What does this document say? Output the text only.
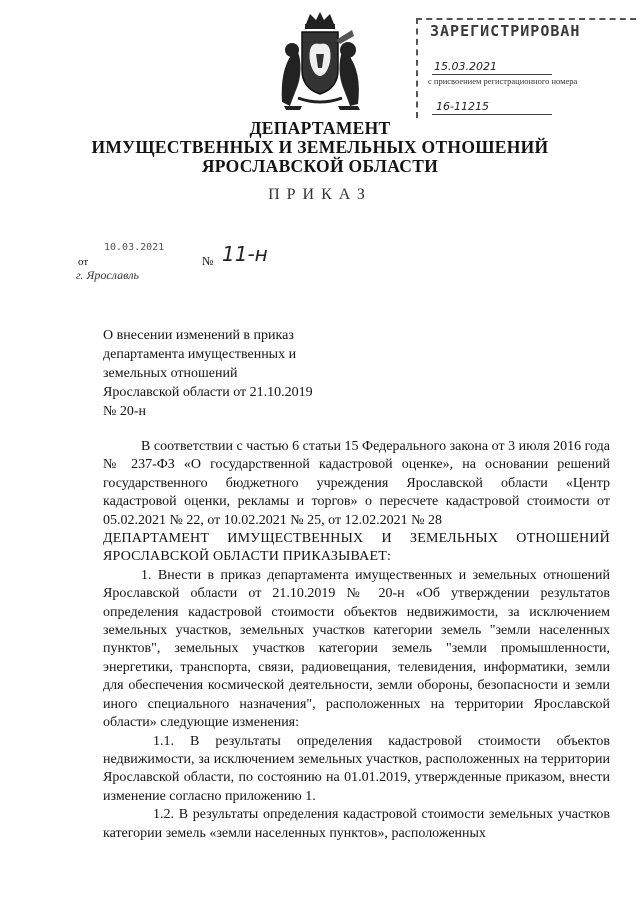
ЗАРЕГИСТРИРОВАН
15.03.2021
с присвоением регистрационного номера
16-11215
ДЕПАРТАМЕНТ
ИМУЩЕСТВЕННЫХ И ЗЕМЕЛЬНЫХ ОТНОШЕНИЙ
ЯРОСЛАВСКОЙ ОБЛАСТИ
ПРИКАЗ
от
10.03.2021
№ 11-н
г. Ярославль
О внесении изменений в приказ
департамента имущественных и
земельных отношений
Ярославской области от 21.10.2019
№ 20-н

В соответствии с частью 6 статьи 15 Федерального закона от 3 июля 2016 года № 237-ФЗ «О государственной кадастровой оценке», на основании решений государственного бюджетного учреждения Ярославской области «Центр кадастровой оценки, рекламы и торгов» о пересчете кадастровой стоимости от 05.02.2021 № 22, от 10.02.2021 № 25, от 12.02.2021 № 28

ДЕПАРТАМЕНТ ИМУЩЕСТВЕННЫХ И ЗЕМЕЛЬНЫХ ОТНОШЕНИЙ ЯРОСЛАВСКОЙ ОБЛАСТИ ПРИКАЗЫВАЕТ:

1. Внести в приказ департамента имущественных и земельных отношений Ярославской области от 21.10.2019 № 20-н «Об утверждении результатов определения кадастровой стоимости объектов недвижимости, за исключением земельных участков, земельных участков категории земель "земли населенных пунктов", земельных участков категории земель "земли промышленности, энергетики, транспорта, связи, радиовещания, телевидения, информатики, земли для обеспечения космической деятельности, земли обороны, безопасности и земли иного специального назначения", расположенных на территории Ярославской области» следующие изменения:

1.1. В результаты определения кадастровой стоимости объектов недвижимости, за исключением земельных участков, расположенных на территории Ярославской области, по состоянию на 01.01.2019, утвержденные приказом, внести изменение согласно приложению 1.

1.2. В результаты определения кадастровой стоимости земельных участков категории земель «земли населенных пунктов», расположенных
